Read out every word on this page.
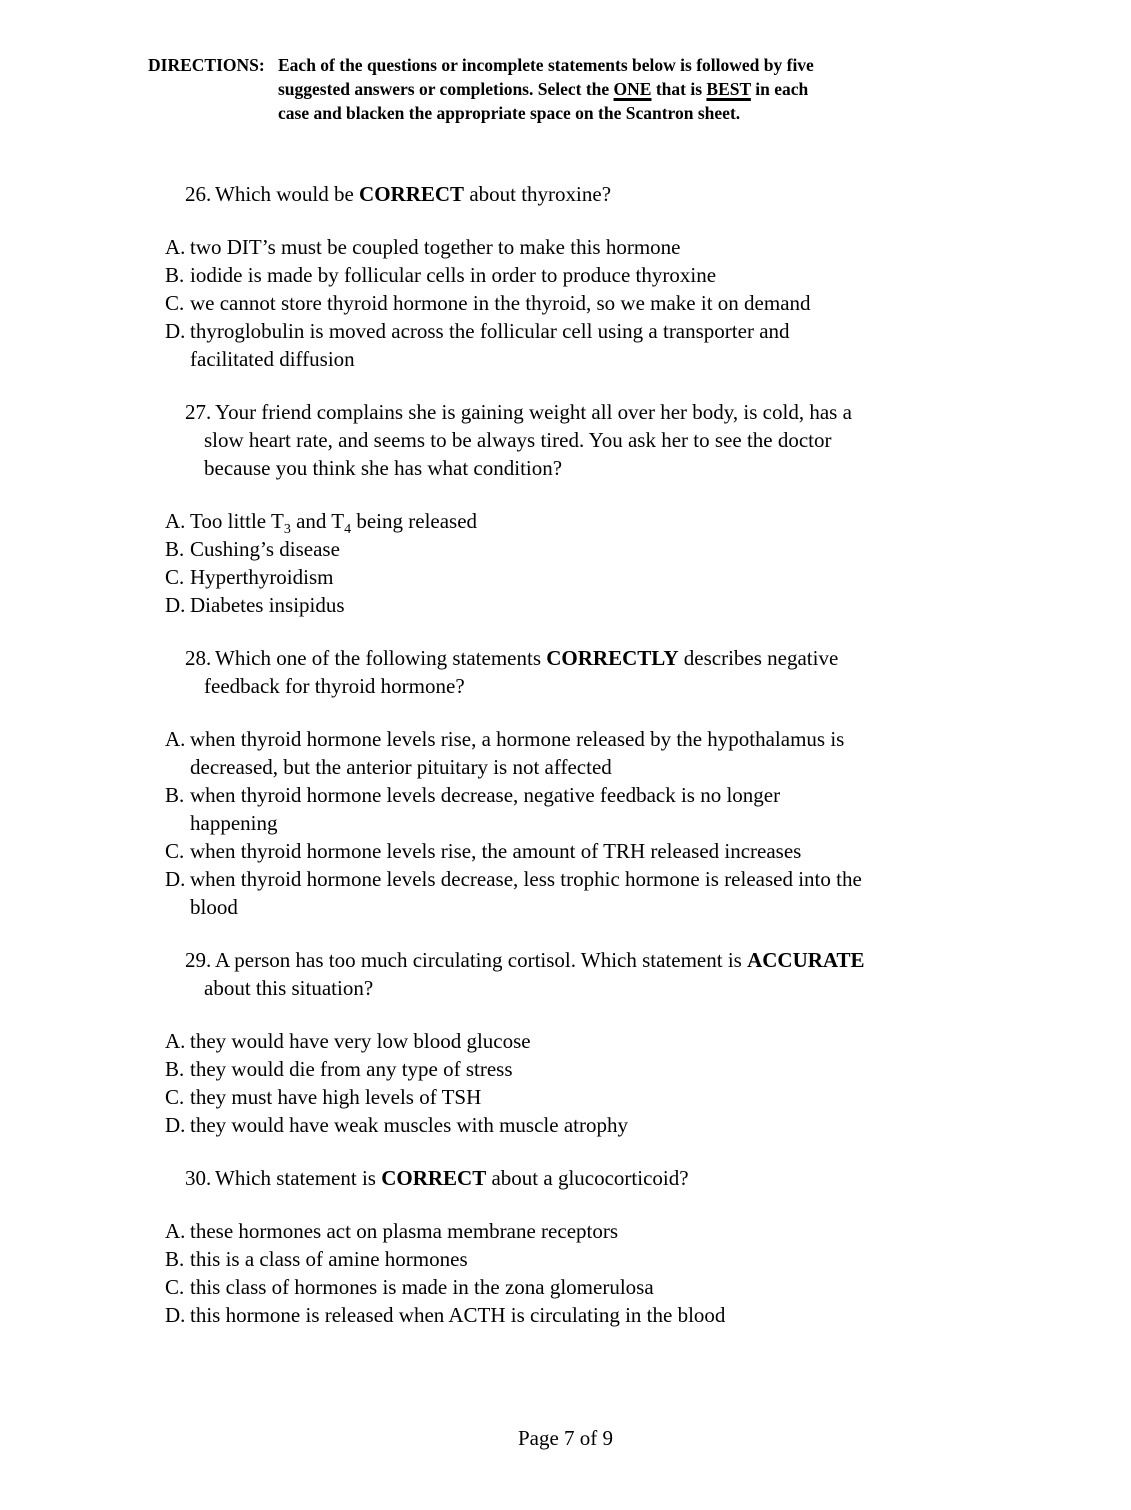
DIRECTIONS: Each of the questions or incomplete statements below is followed by five
suggested answers or completions. Select the ONE that is BEST in each
case and blacken the appropriate space on the Scantron sheet.
26. Which would be CORRECT about thyroxine?
A. two DIT’s must be coupled together to make this hormone
B. iodide is made by follicular cells in order to produce thyroxine
C. we cannot store thyroid hormone in the thyroid, so we make it on demand
D. thyroglobulin is moved across the follicular cell using a transporter and
facilitated diffusion
27. Your friend complains she is gaining weight all over her body, is cold, has a
slow heart rate, and seems to be always tired. You ask her to see the doctor
because you think she has what condition?
A. Too little $T_3$ and $T_4$ being released
B. Cushing’s disease
C. Hyperthyroidism
D. Diabetes insipidus
28. Which one of the following statements CORRECTLY describes negative
feedback for thyroid hormone?
A. when thyroid hormone levels rise, a hormone released by the hypothalamus is
decreased, but the anterior pituitary is not affected
B. when thyroid hormone levels decrease, negative feedback is no longer
happening
C. when thyroid hormone levels rise, the amount of TRH released increases
D. when thyroid hormone levels decrease, less trophic hormone is released into the
blood
29. A person has too much circulating cortisol. Which statement is ACCURATE
about this situation?
A. they would have very low blood glucose
B. they would die from any type of stress
C. they must have high levels of TSH
D. they would have weak muscles with muscle atrophy
30. Which statement is CORRECT about a glucocorticoid?
A. these hormones act on plasma membrane receptors
B. this is a class of amine hormones
C. this class of hormones is made in the zona glomerulosa
D. this hormone is released when ACTH is circulating in the blood
Page 7 of 9
